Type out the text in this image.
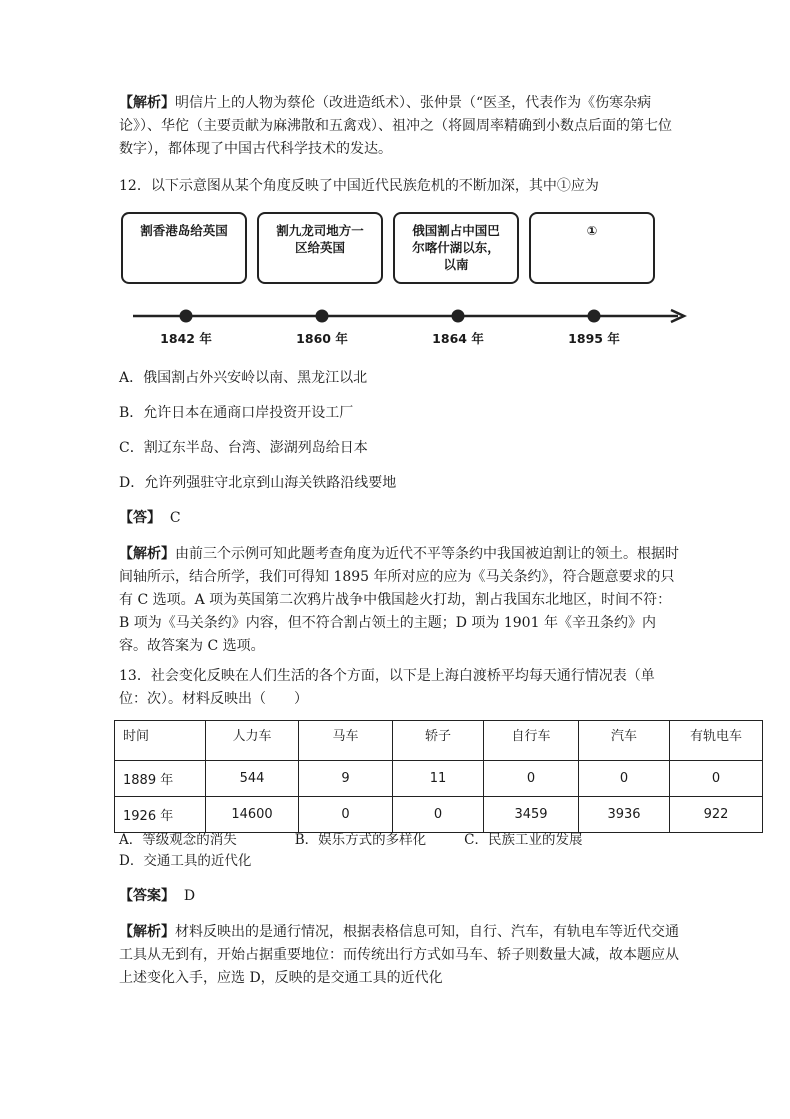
【解析】明信片上的人物为蔡伦（改进造纸术）、张仲景（“医圣，代表作为《伤寒杂病论》）、华佗（主要贡献为麻沸散和五禽戏）、祖冲之（将圆周率精确到小数点后面的第七位数字），都体现了中国古代科学技术的发达。

12．以下示意图从某个角度反映了中国近代民族危机的不断加深，其中①应为

割香港岛给英国	割九龙司地方一区给英国
俄国割占中国巴尔喀什湖以东，以南
①
1842 年	1860 年	1864 年	1895 年

A．俄国割占外兴安岭以南、黑龙江以北

B．允许日本在通商口岸投资开设工厂

C．割辽东半岛、台湾、澎湖列岛给日本

D．允许列强驻守北京到山海关铁路沿线要地

【答】 C

【解析】由前三个示例可知此题考查角度为近代不平等条约中我国被迫割让的领土。根据时间轴所示，结合所学，我们可得知 1895 年所对应的应为《马关条约》，符合题意要求的只有 C 选项。A 项为英国第二次鸦片战争中俄国趁火打劫，割占我国东北地区，时间不符：B 项为《马关条约》内容，但不符合割占领土的主题；D 项为 1901 年《辛丑条约》内容。故答案为 C 选项。

13．社会变化反映在人们生活的各个方面，以下是上海白渡桥平均每天通行情况表（单位：次）。材料反映出（　　）

时间	人力车	马车	轿子	自行车	汽车	有轨电车
1889 年	544	9	11	0	0	0
1926 年	14600	0	0	3459	3936	922

A．等级观念的消失	B．娱乐方式的多样化	C．民族工业的发展

D．交通工具的近代化

【答案】 D

【解析】材料反映出的是通行情况，根据表格信息可知，自行、汽车，有轨电车等近代交通工具从无到有，开始占据重要地位：而传统出行方式如马车、轿子则数量大减，故本题应从上述变化入手，应选 D，反映的是交通工具的近代化
